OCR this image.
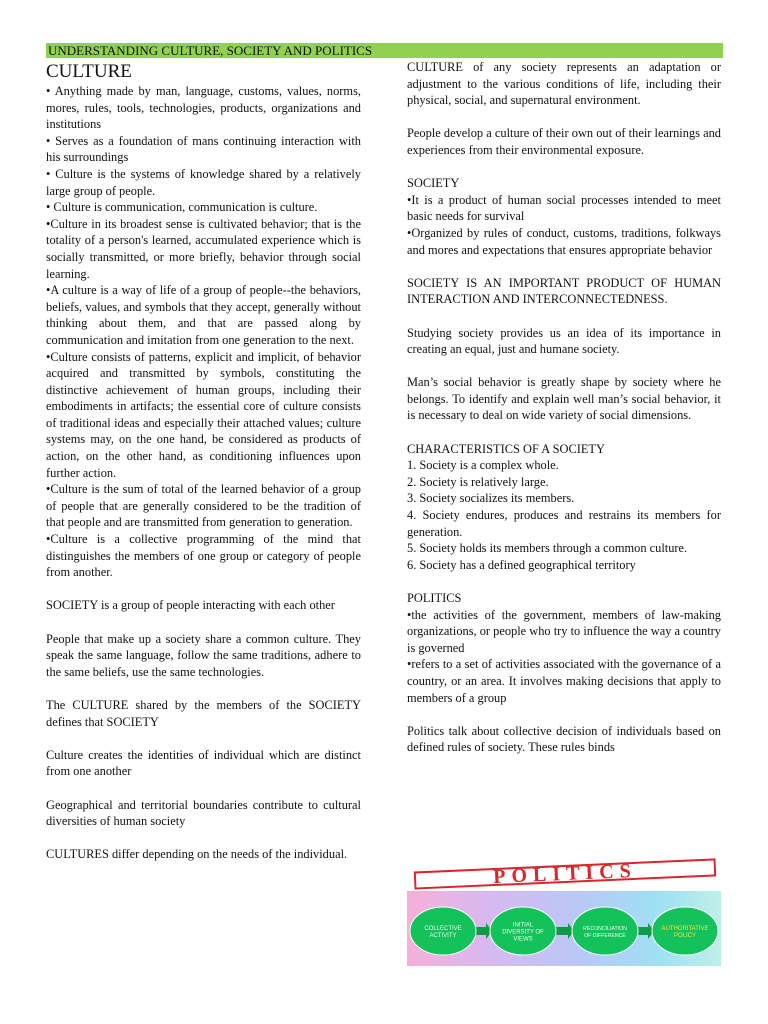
UNDERSTANDING CULTURE, SOCIETY AND POLITICS
CULTURE

• Anything made by man, language, customs, values, norms, mores, rules, tools, technologies, products, organizations and institutions

• Serves as a foundation of mans continuing interaction with his surroundings

• Culture is the systems of knowledge shared by a relatively large group of people.

• Culture is communication, communication is culture.

•Culture in its broadest sense is cultivated behavior; that is the totality of a person's learned, accumulated experience which is socially transmitted, or more briefly, behavior through social learning.

•A culture is a way of life of a group of people--the behaviors, beliefs, values, and symbols that they accept, generally without thinking about them, and that are passed along by communication and imitation from one generation to the next.

•Culture consists of patterns, explicit and implicit, of behavior acquired and transmitted by symbols, constituting the distinctive achievement of human groups, including their embodiments in artifacts; the essential core of culture consists of traditional ideas and especially their attached values; culture systems may, on the one hand, be considered as products of action, on the other hand, as conditioning influences upon further action.

•Culture is the sum of total of the learned behavior of a group of people that are generally considered to be the tradition of that people and are transmitted from generation to generation.

•Culture is a collective programming of the mind that distinguishes the members of one group or category of people from another.

SOCIETY is a group of people interacting with each other

People that make up a society share a common culture. They speak the same language, follow the same traditions, adhere to the same beliefs, use the same technologies.

The CULTURE shared by the members of the SOCIETY defines that SOCIETY

Culture creates the identities of individual which are distinct from one another

Geographical and territorial boundaries contribute to cultural diversities of human society

CULTURES differ depending on the needs of the individual.

CULTURE of any society represents an adaptation or adjustment to the various conditions of life, including their physical, social, and supernatural environment.

People develop a culture of their own out of their learnings and experiences from their environmental exposure.

SOCIETY

•It is a product of human social processes intended to meet basic needs for survival

•Organized by rules of conduct, customs, traditions, folkways and mores and expectations that ensures appropriate behavior

SOCIETY IS AN IMPORTANT PRODUCT OF HUMAN INTERACTION AND INTERCONNECTEDNESS.

Studying society provides us an idea of its importance in creating an equal, just and humane society.

Man’s social behavior is greatly shape by society where he belongs. To identify and explain well man’s social behavior, it is necessary to deal on wide variety of social dimensions.

CHARACTERISTICS OF A SOCIETY

1. Society is a complex whole.

2. Society is relatively large.

3. Society socializes its members.

4. Society endures, produces and restrains its members for generation.

5. Society holds its members through a common culture.

6. Society has a defined geographical territory

POLITICS

•the activities of the government, members of law-making organizations, or people who try to influence the way a country is governed

•refers to a set of activities associated with the governance of a country, or an area. It involves making decisions that apply to members of a group

Politics talk about collective decision of individuals based on defined rules of society. These rules binds

POLITICS
COLLECTIVE
ACTIVITY
INITIAL
DIVERSITY OF
VIEWS
RECONCILIATION
OF DIFFERENCE
AUTHORITATIVE
POLICY
